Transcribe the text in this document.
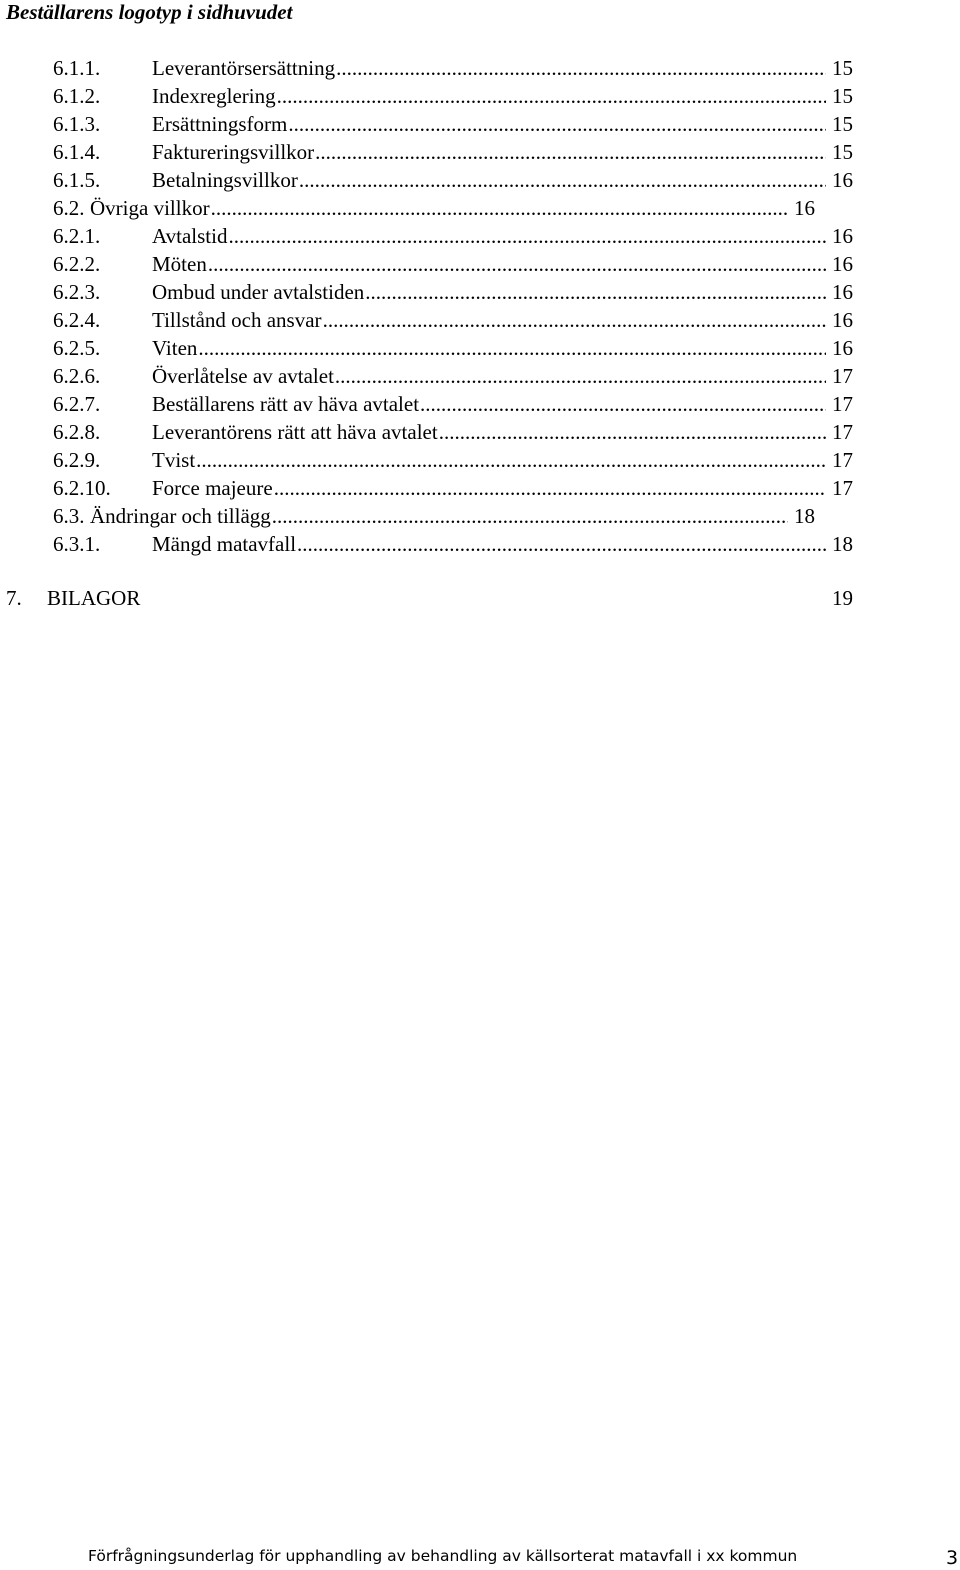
Beställarens logotyp i sidhuvudet
6.1.1. Leverantörsersättning .....	15
6.1.2. Indexreglering .....	15
6.1.3. Ersättningsform .....	15
6.1.4. Faktureringsvillkor .....	15
6.1.5. Betalningsvillkor .....	16
6.2. Övriga villkor .....	16
6.2.1. Avtalstid .....	16
6.2.2. Möten .....	16
6.2.3. Ombud under avtalstiden .....	16
6.2.4. Tillstånd och ansvar .....	16
6.2.5. Viten .....	16
6.2.6. Överlåtelse av avtalet .....	17
6.2.7. Beställarens rätt av häva avtalet .....	17
6.2.8. Leverantörens rätt att häva avtalet .....	17
6.2.9. Tvist .....	17
6.2.10. Force majeure .....	17
6.3. Ändringar och tillägg .....	18
6.3.1. Mängd matavfall .....	18
7. BILAGOR	19
Förfrågningsunderlag för upphandling av behandling av källsorterat matavfall i xx kommun	3
